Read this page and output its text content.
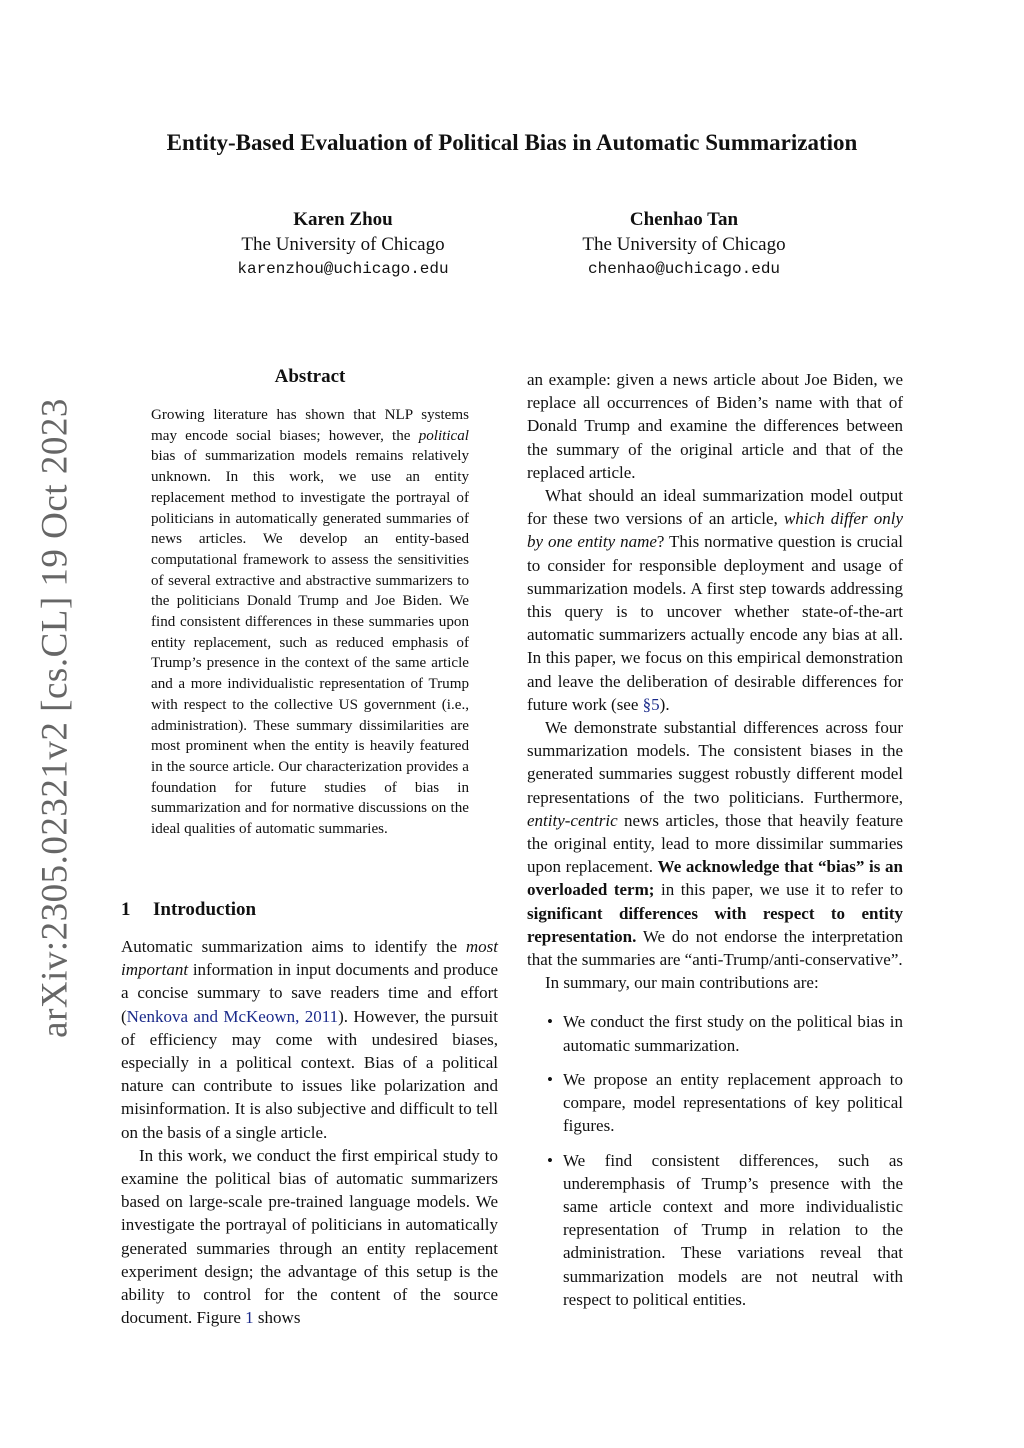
arXiv:2305.02321v2 [cs.CL] 19 Oct 2023
Entity-Based Evaluation of Political Bias in Automatic Summarization
Karen Zhou
The University of Chicago
karenzhou@uchicago.edu
Chenhao Tan
The University of Chicago
chenhao@uchicago.edu
Abstract
Growing literature has shown that NLP systems may encode social biases; however, the political bias of summarization models remains relatively unknown. In this work, we use an entity replacement method to investigate the portrayal of politicians in automatically generated summaries of news articles. We develop an entity-based computational framework to assess the sensitivities of several extractive and abstractive summarizers to the politicians Donald Trump and Joe Biden. We find consistent differences in these summaries upon entity replacement, such as reduced emphasis of Trump’s presence in the context of the same article and a more individualistic representation of Trump with respect to the collective US government (i.e., administration). These summary dissimilarities are most prominent when the entity is heavily featured in the source article. Our characterization provides a foundation for future studies of bias in summarization and for normative discussions on the ideal qualities of automatic summaries.
1 Introduction

Automatic summarization aims to identify the most important information in input documents and produce a concise summary to save readers time and effort (Nenkova and McKeown, 2011). However, the pursuit of efficiency may come with undesired biases, especially in a political context. Bias of a political nature can contribute to issues like polarization and misinformation. It is also subjective and difficult to tell on the basis of a single article.

In this work, we conduct the first empirical study to examine the political bias of automatic summarizers based on large-scale pre-trained language models. We investigate the portrayal of politicians in automatically generated summaries through an entity replacement experiment design; the advantage of this setup is the ability to control for the content of the source document. Figure 1 shows

an example: given a news article about Joe Biden, we replace all occurrences of Biden’s name with that of Donald Trump and examine the differences between the summary of the original article and that of the replaced article.

What should an ideal summarization model output for these two versions of an article, which differ only by one entity name? This normative question is crucial to consider for responsible deployment and usage of summarization models. A first step towards addressing this query is to uncover whether state-of-the-art automatic summarizers actually encode any bias at all. In this paper, we focus on this empirical demonstration and leave the deliberation of desirable differences for future work (see §5).

We demonstrate substantial differences across four summarization models. The consistent biases in the generated summaries suggest robustly different model representations of the two politicians. Furthermore, entity-centric news articles, those that heavily feature the original entity, lead to more dissimilar summaries upon replacement. We acknowledge that “bias” is an overloaded term; in this paper, we use it to refer to significant differences with respect to entity representation. We do not endorse the interpretation that the summaries are “anti-Trump/anti-conservative”.

In summary, our main contributions are:

• We conduct the first study on the political bias in automatic summarization.
• We propose an entity replacement approach to compare, model representations of key political figures.
• We find consistent differences, such as underemphasis of Trump’s presence with the same article context and more individualistic representation of Trump in relation to the administration. These variations reveal that summarization models are not neutral with respect to political entities.
